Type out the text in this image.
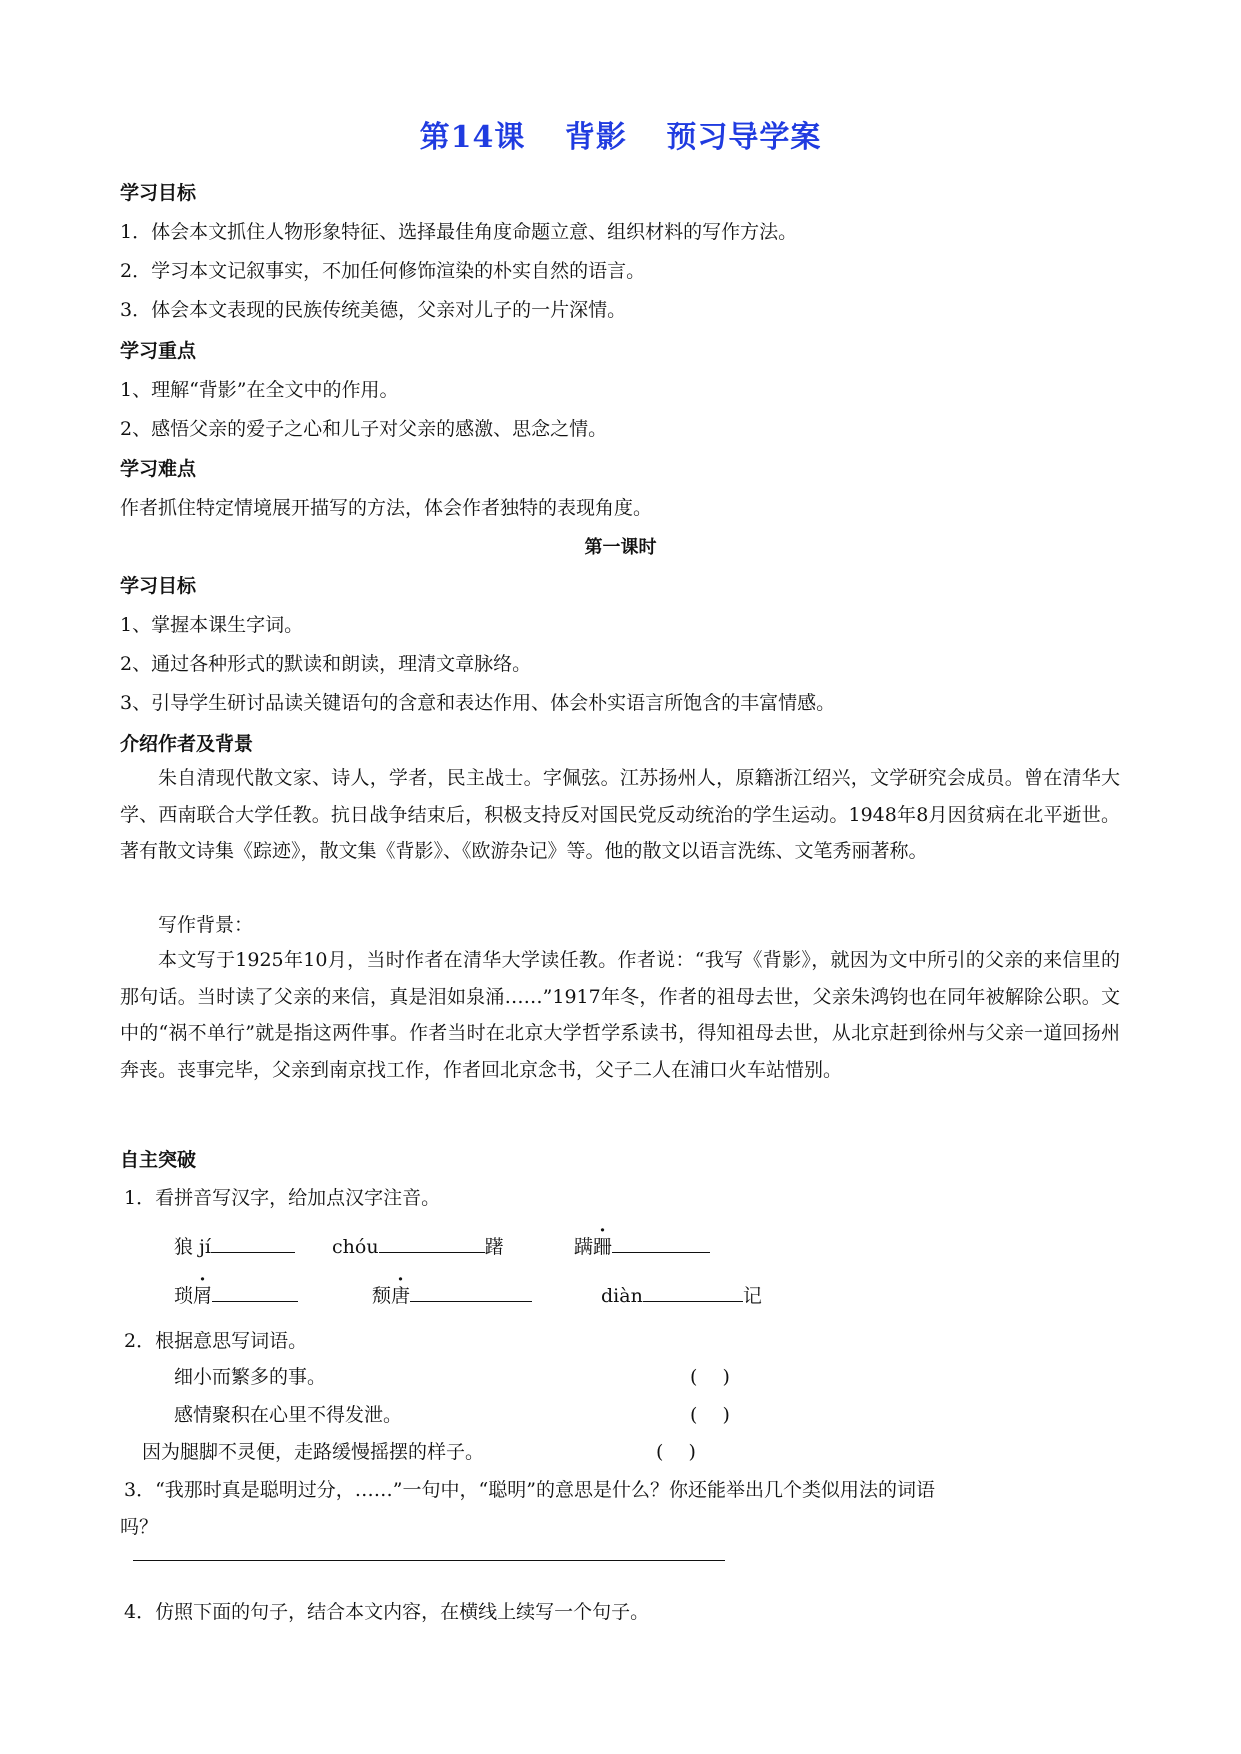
第14课 背影 预习导学案
学习目标
1．体会本文抓住人物形象特征、选择最佳角度命题立意、组织材料的写作方法。
2．学习本文记叙事实，不加任何修饰渲染的朴实自然的语言。
3．体会本文表现的民族传统美德，父亲对儿子的一片深情。
学习重点
1、理解“背影”在全文中的作用。
2、感悟父亲的爱子之心和儿子对父亲的感激、思念之情。
学习难点
作者抓住特定情境展开描写的方法，体会作者独特的表现角度。
第一课时
学习目标
1、掌握本课生字词。
2、通过各种形式的默读和朗读，理清文章脉络。
3、引导学生研讨品读关键语句的含意和表达作用、体会朴实语言所饱含的丰富情感。
介绍作者及背景
朱自清现代散文家、诗人，学者，民主战士。字佩弦。江苏扬州人，原籍浙江绍兴，文学研究会成员。曾在清华大学、西南联合大学任教。抗日战争结束后，积极支持反对国民党反动统治的学生运动。1948年8月因贫病在北平逝世。著有散文诗集《踪迹》，散文集《背影》、《欧游杂记》等。他的散文以语言洗练、文笔秀丽著称。
写作背景：
本文写于1925年10月，当时作者在清华大学读任教。作者说：“我写《背影》，就因为文中所引的父亲的来信里的那句话。当时读了父亲的来信，真是泪如泉涌……”1917年冬，作者的祖母去世，父亲朱鸿钧也在同年被解除公职。文中的“祸不单行”就是指这两件事。作者当时在北京大学哲学系读书，得知祖母去世，从北京赶到徐州与父亲一道回扬州奔丧。丧事完毕，父亲到南京找工作，作者回北京念书，父子二人在浦口火车站惜别。
自主突破
1．看拼音写汉字，给加点汉字注音。
狼 jí	chóu	躇	蹒跚
琐屑	颓唐	diàn	记
2．根据意思写词语。
细小而繁多的事。	(　 )
感情聚积在心里不得发泄。	(　 )
因为腿脚不灵便，走路缓慢摇摆的样子。	(　 )
3．“我那时真是聪明过分，……”一句中，“聪明”的意思是什么？你还能举出几个类似用法的词语
吗？
4．仿照下面的句子，结合本文内容，在横线上续写一个句子。
